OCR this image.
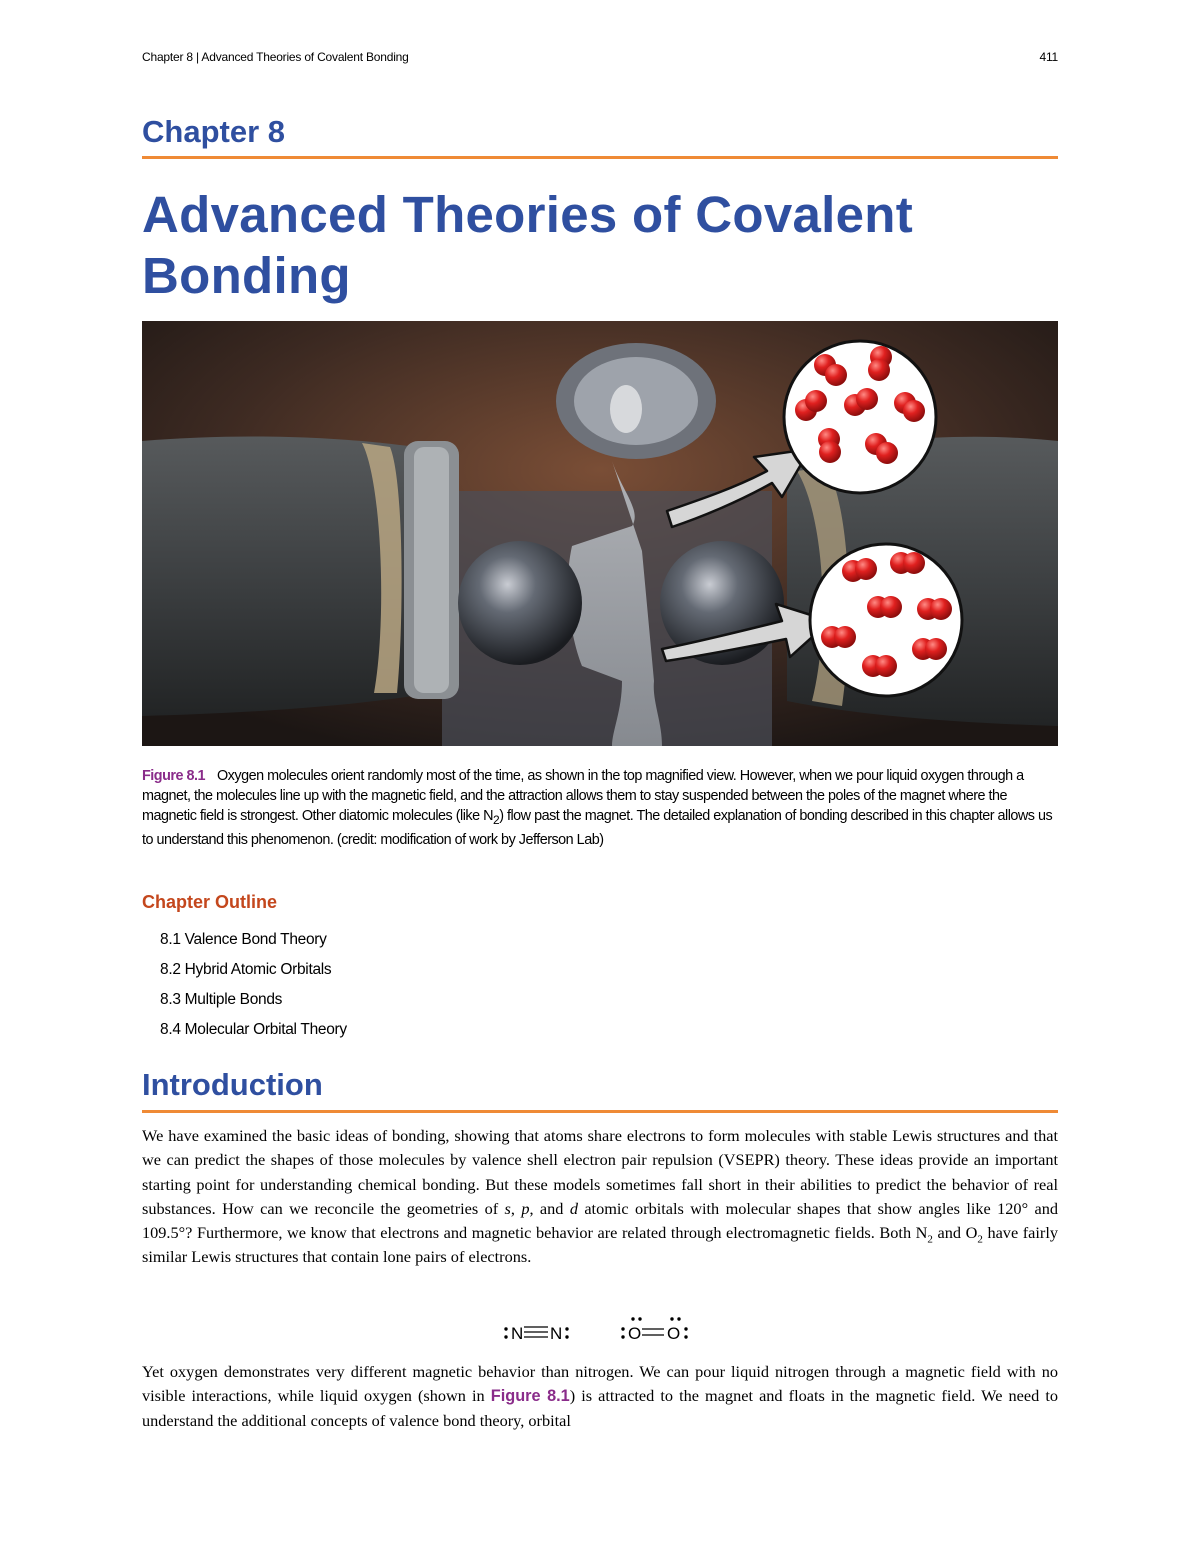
Chapter 8 | Advanced Theories of Covalent Bonding	411
Chapter 8
Advanced Theories of Covalent Bonding
Figure 8.1 Oxygen molecules orient randomly most of the time, as shown in the top magnified view. However, when we pour liquid oxygen through a magnet, the molecules line up with the magnetic field, and the attraction allows them to stay suspended between the poles of the magnet where the magnetic field is strongest. Other diatomic molecules (like $N_2$) flow past the magnet. The detailed explanation of bonding described in this chapter allows us to understand this phenomenon. (credit: modification of work by Jefferson Lab)
Chapter Outline
8.1 Valence Bond Theory
8.2 Hybrid Atomic Orbitals
8.3 Multiple Bonds
8.4 Molecular Orbital Theory
Introduction

We have examined the basic ideas of bonding, showing that atoms share electrons to form molecules with stable Lewis structures and that we can predict the shapes of those molecules by valence shell electron pair repulsion (VSEPR) theory. These ideas provide an important starting point for understanding chemical bonding. But these models sometimes fall short in their abilities to predict the behavior of real substances. How can we reconcile the geometries of s, p, and d atomic orbitals with molecular shapes that show angles like 120° and 109.5°? Furthermore, we know that electrons and magnetic behavior are related through electromagnetic fields. Both $N_2$ and $O_2$ have fairly similar Lewis structures that contain lone pairs of electrons.

N N	O O

Yet oxygen demonstrates very different magnetic behavior than nitrogen. We can pour liquid nitrogen through a magnetic field with no visible interactions, while liquid oxygen (shown in Figure 8.1) is attracted to the magnet and floats in the magnetic field. We need to understand the additional concepts of valence bond theory, orbital
